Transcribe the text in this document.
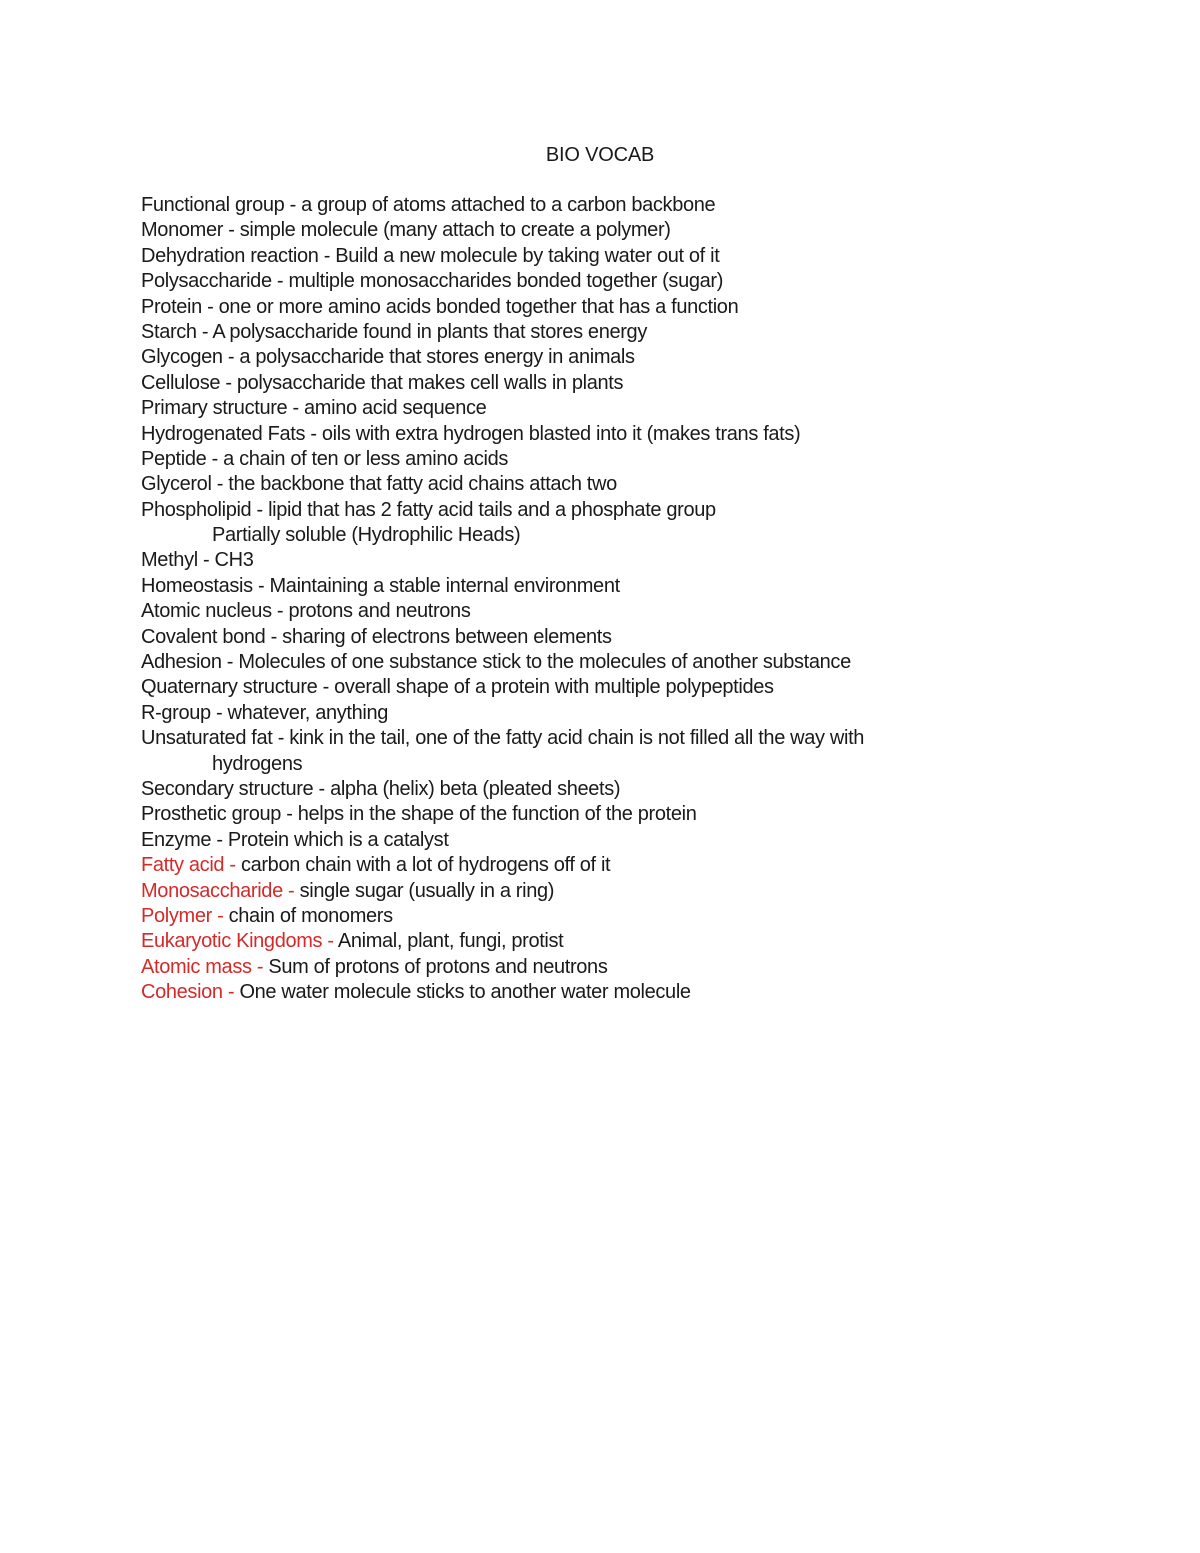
BIO VOCAB
Functional group - a group of atoms attached to a carbon backbone
Monomer - simple molecule (many attach to create a polymer)
Dehydration reaction - Build a new molecule by taking water out of it
Polysaccharide - multiple monosaccharides bonded together (sugar)
Protein - one or more amino acids bonded together that has a function
Starch - A polysaccharide found in plants that stores energy
Glycogen - a polysaccharide that stores energy in animals
Cellulose - polysaccharide that makes cell walls in plants
Primary structure - amino acid sequence
Hydrogenated Fats - oils with extra hydrogen blasted into it (makes trans fats)
Peptide - a chain of ten or less amino acids
Glycerol - the backbone that fatty acid chains attach two
Phospholipid - lipid that has 2 fatty acid tails and a phosphate group
Partially soluble (Hydrophilic Heads)
Methyl - CH3
Homeostasis - Maintaining a stable internal environment
Atomic nucleus - protons and neutrons
Covalent bond - sharing of electrons between elements
Adhesion - Molecules of one substance stick to the molecules of another substance
Quaternary structure - overall shape of a protein with multiple polypeptides
R-group - whatever, anything
Unsaturated fat - kink in the tail, one of the fatty acid chain is not filled all the way with
hydrogens
Secondary structure - alpha (helix) beta (pleated sheets)
Prosthetic group - helps in the shape of the function of the protein
Enzyme - Protein which is a catalyst
Fatty acid - carbon chain with a lot of hydrogens off of it
Monosaccharide - single sugar (usually in a ring)
Polymer - chain of monomers
Eukaryotic Kingdoms - Animal, plant, fungi, protist
Atomic mass - Sum of protons of protons and neutrons
Cohesion - One water molecule sticks to another water molecule
